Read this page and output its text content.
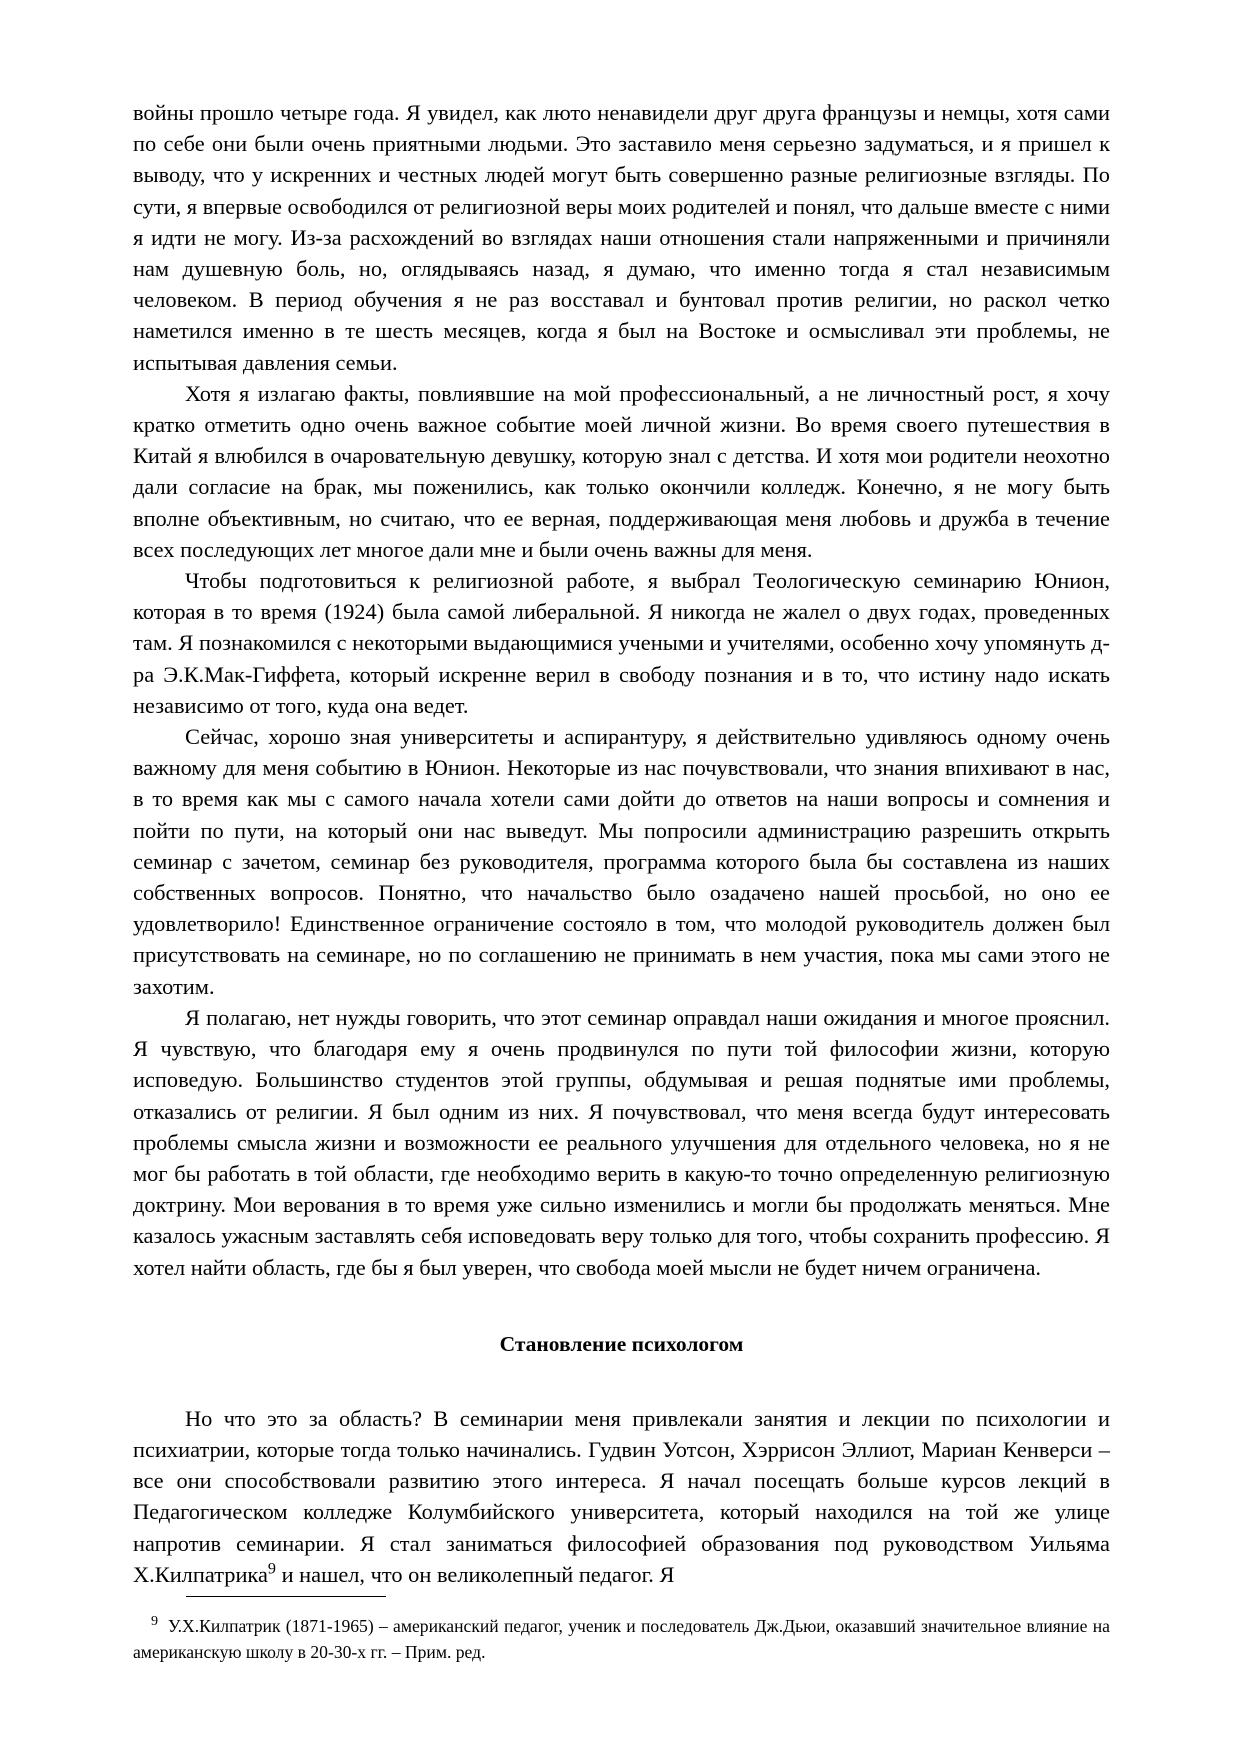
войны прошло четыре года. Я увидел, как люто ненавидели друг друга французы и немцы, хотя сами по себе они были очень приятными людьми. Это заставило меня серьезно задуматься, и я пришел к выводу, что у искренних и честных людей могут быть совершенно разные религиозные взгляды. По сути, я впервые освободился от религиозной веры моих родителей и понял, что дальше вместе с ними я идти не могу. Из-за расхождений во взглядах наши отношения стали напряженными и причиняли нам душевную боль, но, оглядываясь назад, я думаю, что именно тогда я стал независимым человеком. В период обучения я не раз восставал и бунтовал против религии, но раскол четко наметился именно в те шесть месяцев, когда я был на Востоке и осмысливал эти проблемы, не испытывая давления семьи.

Хотя я излагаю факты, повлиявшие на мой профессиональный, а не личностный рост, я хочу кратко отметить одно очень важное событие моей личной жизни. Во время своего путешествия в Китай я влюбился в очаровательную девушку, которую знал с детства. И хотя мои родители неохотно дали согласие на брак, мы поженились, как только окончили колледж. Конечно, я не могу быть вполне объективным, но считаю, что ее верная, поддерживающая меня любовь и дружба в течение всех последующих лет многое дали мне и были очень важны для меня.

Чтобы подготовиться к религиозной работе, я выбрал Теологическую семинарию Юнион, которая в то время (1924) была самой либеральной. Я никогда не жалел о двух годах, проведенных там. Я познакомился с некоторыми выдающимися учеными и учителями, особенно хочу упомянуть д-ра Э.К.Мак-Гиффета, который искренне верил в свободу познания и в то, что истину надо искать независимо от того, куда она ведет.

Сейчас, хорошо зная университеты и аспирантуру, я действительно удивляюсь одному очень важному для меня событию в Юнион. Некоторые из нас почувствовали, что знания впихивают в нас, в то время как мы с самого начала хотели сами дойти до ответов на наши вопросы и сомнения и пойти по пути, на который они нас выведут. Мы попросили администрацию разрешить открыть семинар с зачетом, семинар без руководителя, программа которого была бы составлена из наших собственных вопросов. Понятно, что начальство было озадачено нашей просьбой, но оно ее удовлетворило! Единственное ограничение состояло в том, что молодой руководитель должен был присутствовать на семинаре, но по соглашению не принимать в нем участия, пока мы сами этого не захотим.

Я полагаю, нет нужды говорить, что этот семинар оправдал наши ожидания и многое прояснил. Я чувствую, что благодаря ему я очень продвинулся по пути той философии жизни, которую исповедую. Большинство студентов этой группы, обдумывая и решая поднятые ими проблемы, отказались от религии. Я был одним из них. Я почувствовал, что меня всегда будут интересовать проблемы смысла жизни и возможности ее реального улучшения для отдельного человека, но я не мог бы работать в той области, где необходимо верить в какую-то точно определенную религиозную доктрину. Мои верования в то время уже сильно изменились и могли бы продолжать меняться. Мне казалось ужасным заставлять себя исповедовать веру только для того, чтобы сохранить профессию. Я хотел найти область, где бы я был уверен, что свобода моей мысли не будет ничем ограничена.

Становление психологом

Но что это за область? В семинарии меня привлекали занятия и лекции по психологии и психиатрии, которые тогда только начинались. Гудвин Уотсон, Хэррисон Эллиот, Мариан Кенверси – все они способствовали развитию этого интереса. Я начал посещать больше курсов лекций в Педагогическом колледже Колумбийского университета, который находился на той же улице напротив семинарии. Я стал заниматься философией образования под руководством Уильяма Х.Килпатрика$^9$ и нашел, что он великолепный педагог. Я

$^9$ У.Х.Килпатрик (1871-1965) – американский педагог, ученик и последователь Дж.Дьюи, оказавший значительное влияние на американскую школу в 20-30-х гг. – Прим. ред.
